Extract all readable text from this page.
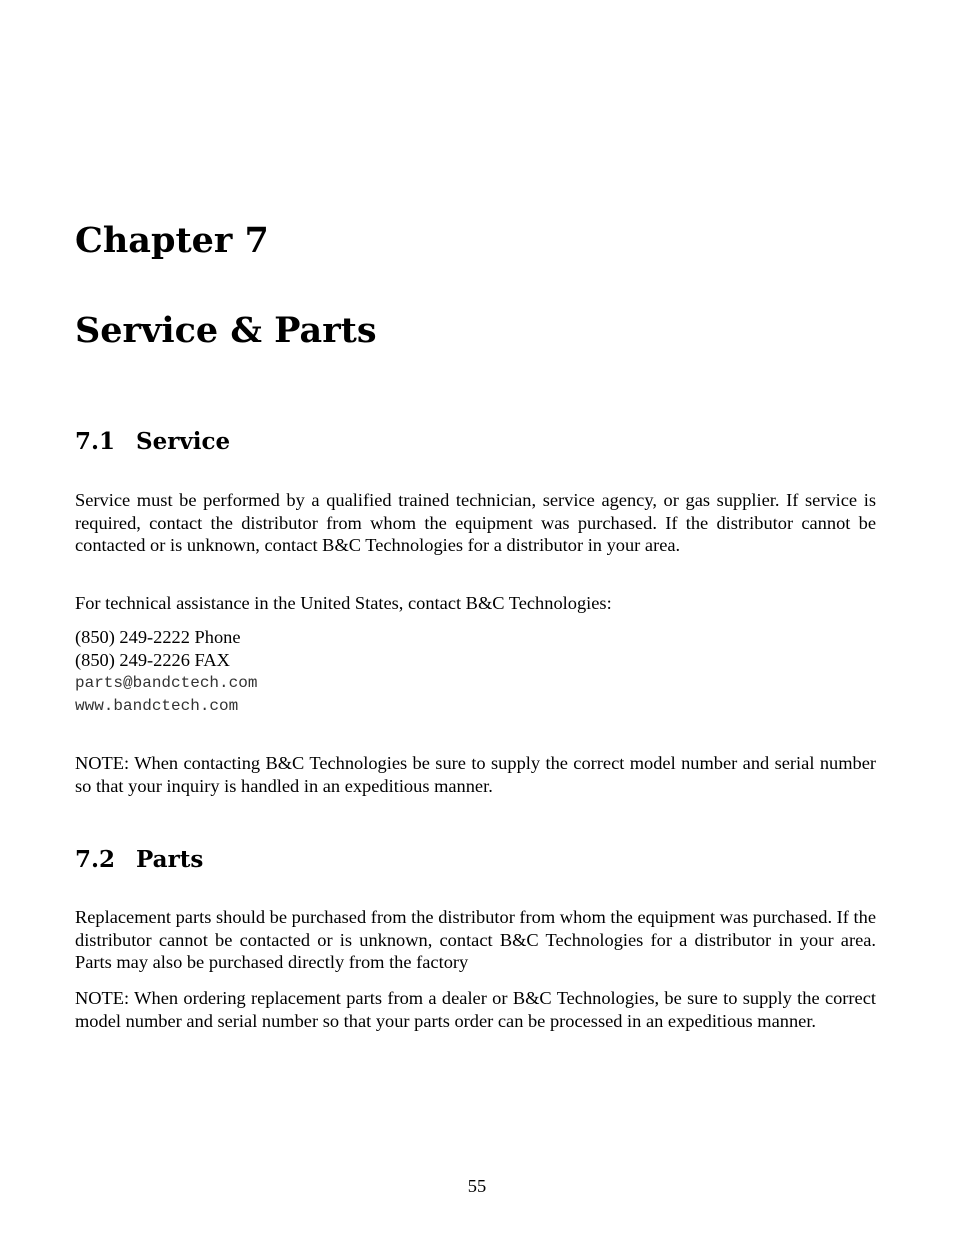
Chapter 7
Service & Parts
7.1 Service
Service must be performed by a qualified trained technician, service agency, or gas supplier. If service is required, contact the distributor from whom the equipment was purchased. If the distributor cannot be contacted or is unknown, contact B&C Technologies for a distributor in your area.
For technical assistance in the United States, contact B&C Technologies:
(850) 249-2222 Phone
(850) 249-2226 FAX
parts@bandctech.com
www.bandctech.com
NOTE: When contacting B&C Technologies be sure to supply the correct model number and serial number so that your inquiry is handled in an expeditious manner.
7.2 Parts
Replacement parts should be purchased from the distributor from whom the equipment was purchased. If the distributor cannot be contacted or is unknown, contact B&C Technologies for a distributor in your area. Parts may also be purchased directly from the factory
NOTE: When ordering replacement parts from a dealer or B&C Technologies, be sure to supply the correct model number and serial number so that your parts order can be processed in an expeditious manner.
55
